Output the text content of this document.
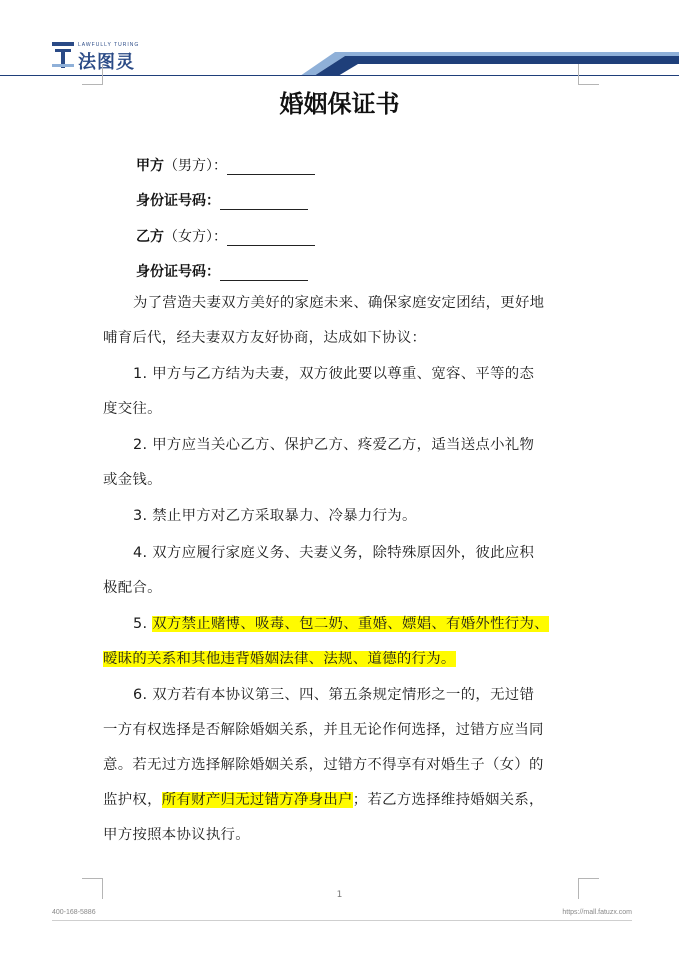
LAWFULLY TURING
法图灵
婚姻保证书
甲方（男方）：
身份证号码：
乙方（女方）：
身份证号码：
为了营造夫妻双方美好的家庭未来、确保家庭安定团结，更好地
哺育后代，经夫妻双方友好协商，达成如下协议：
1. 甲方与乙方结为夫妻，双方彼此要以尊重、宽容、平等的态
度交往。
2. 甲方应当关心乙方、保护乙方、疼爱乙方，适当送点小礼物
或金钱。
3. 禁止甲方对乙方采取暴力、冷暴力行为。
4. 双方应履行家庭义务、夫妻义务，除特殊原因外，彼此应积
极配合。
5. 双方禁止赌博、吸毒、包二奶、重婚、嫖娼、有婚外性行为、
暧昧的关系和其他违背婚姻法律、法规、道德的行为。
6. 双方若有本协议第三、四、第五条规定情形之一的，无过错
一方有权选择是否解除婚姻关系，并且无论作何选择，过错方应当同
意。若无过方选择解除婚姻关系，过错方不得享有对婚生子（女）的
监护权，所有财产归无过错方净身出户；若乙方选择维持婚姻关系，
甲方按照本协议执行。
1
400-168-5886	https://mall.fatuzx.com
